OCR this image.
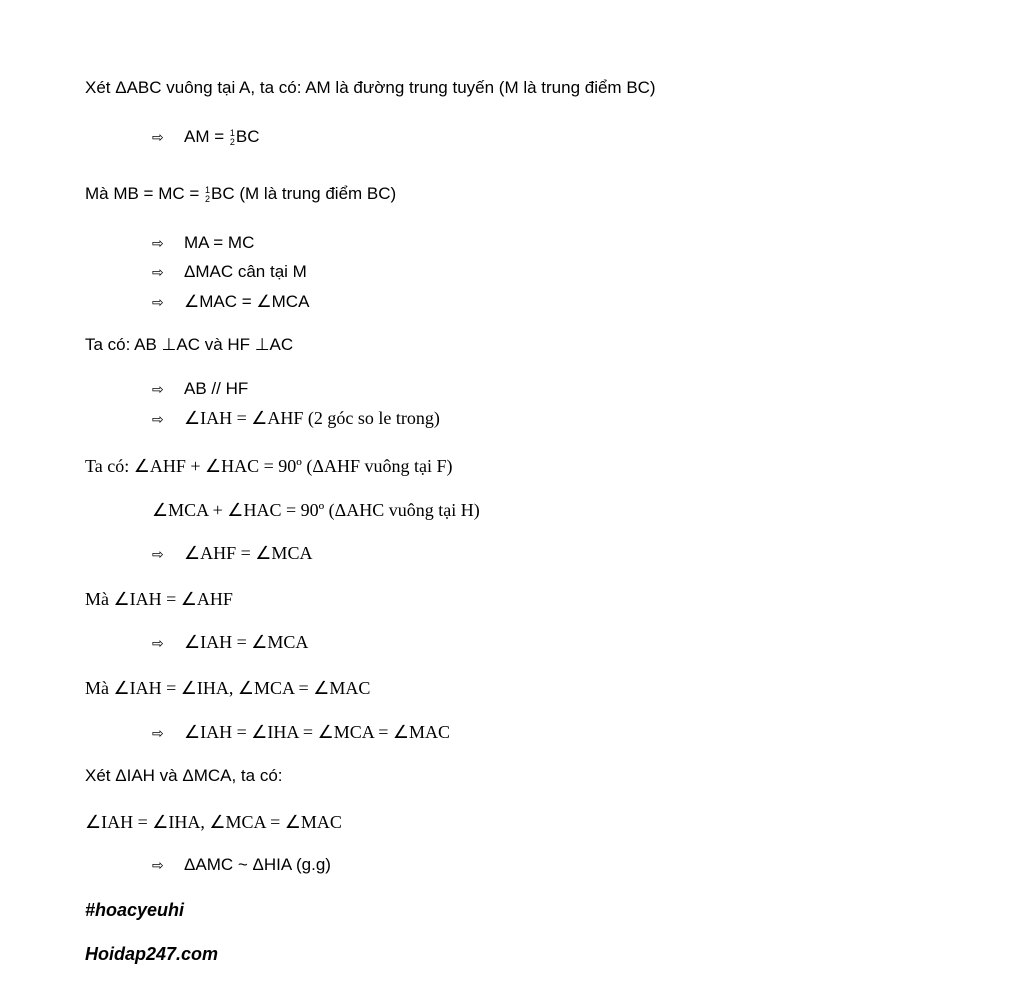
Xét ΔABC vuông tại A, ta có: AM là đường trung tuyến (M là trung điểm BC)
⇨ AM = 1
2 BC
Mà MB = MC = 1
2 BC (M là trung điểm BC)
⇨ MA = MC
⇨ ΔMAC cân tại M
⇨ ∠MAC = ∠MCA
Ta có: AB ⊥AC và HF ⊥AC
⇨ AB // HF
⇨ ∠IAH = ∠AHF (2 góc so le trong)
Ta có: ∠AHF + ∠HAC = 90º (ΔAHF vuông tại F)
∠MCA + ∠HAC = 90º (ΔAHC vuông tại H)
⇨ ∠AHF = ∠MCA
Mà ∠IAH = ∠AHF
⇨ ∠IAH = ∠MCA
Mà ∠IAH = ∠IHA, ∠MCA = ∠MAC
⇨ ∠IAH = ∠IHA = ∠MCA = ∠MAC
Xét ΔIAH và ΔMCA, ta có:
∠IAH = ∠IHA, ∠MCA = ∠MAC
⇨ ΔAMC ~ ΔHIA (g.g)
#hoacyeuhi
Hoidap247.com
